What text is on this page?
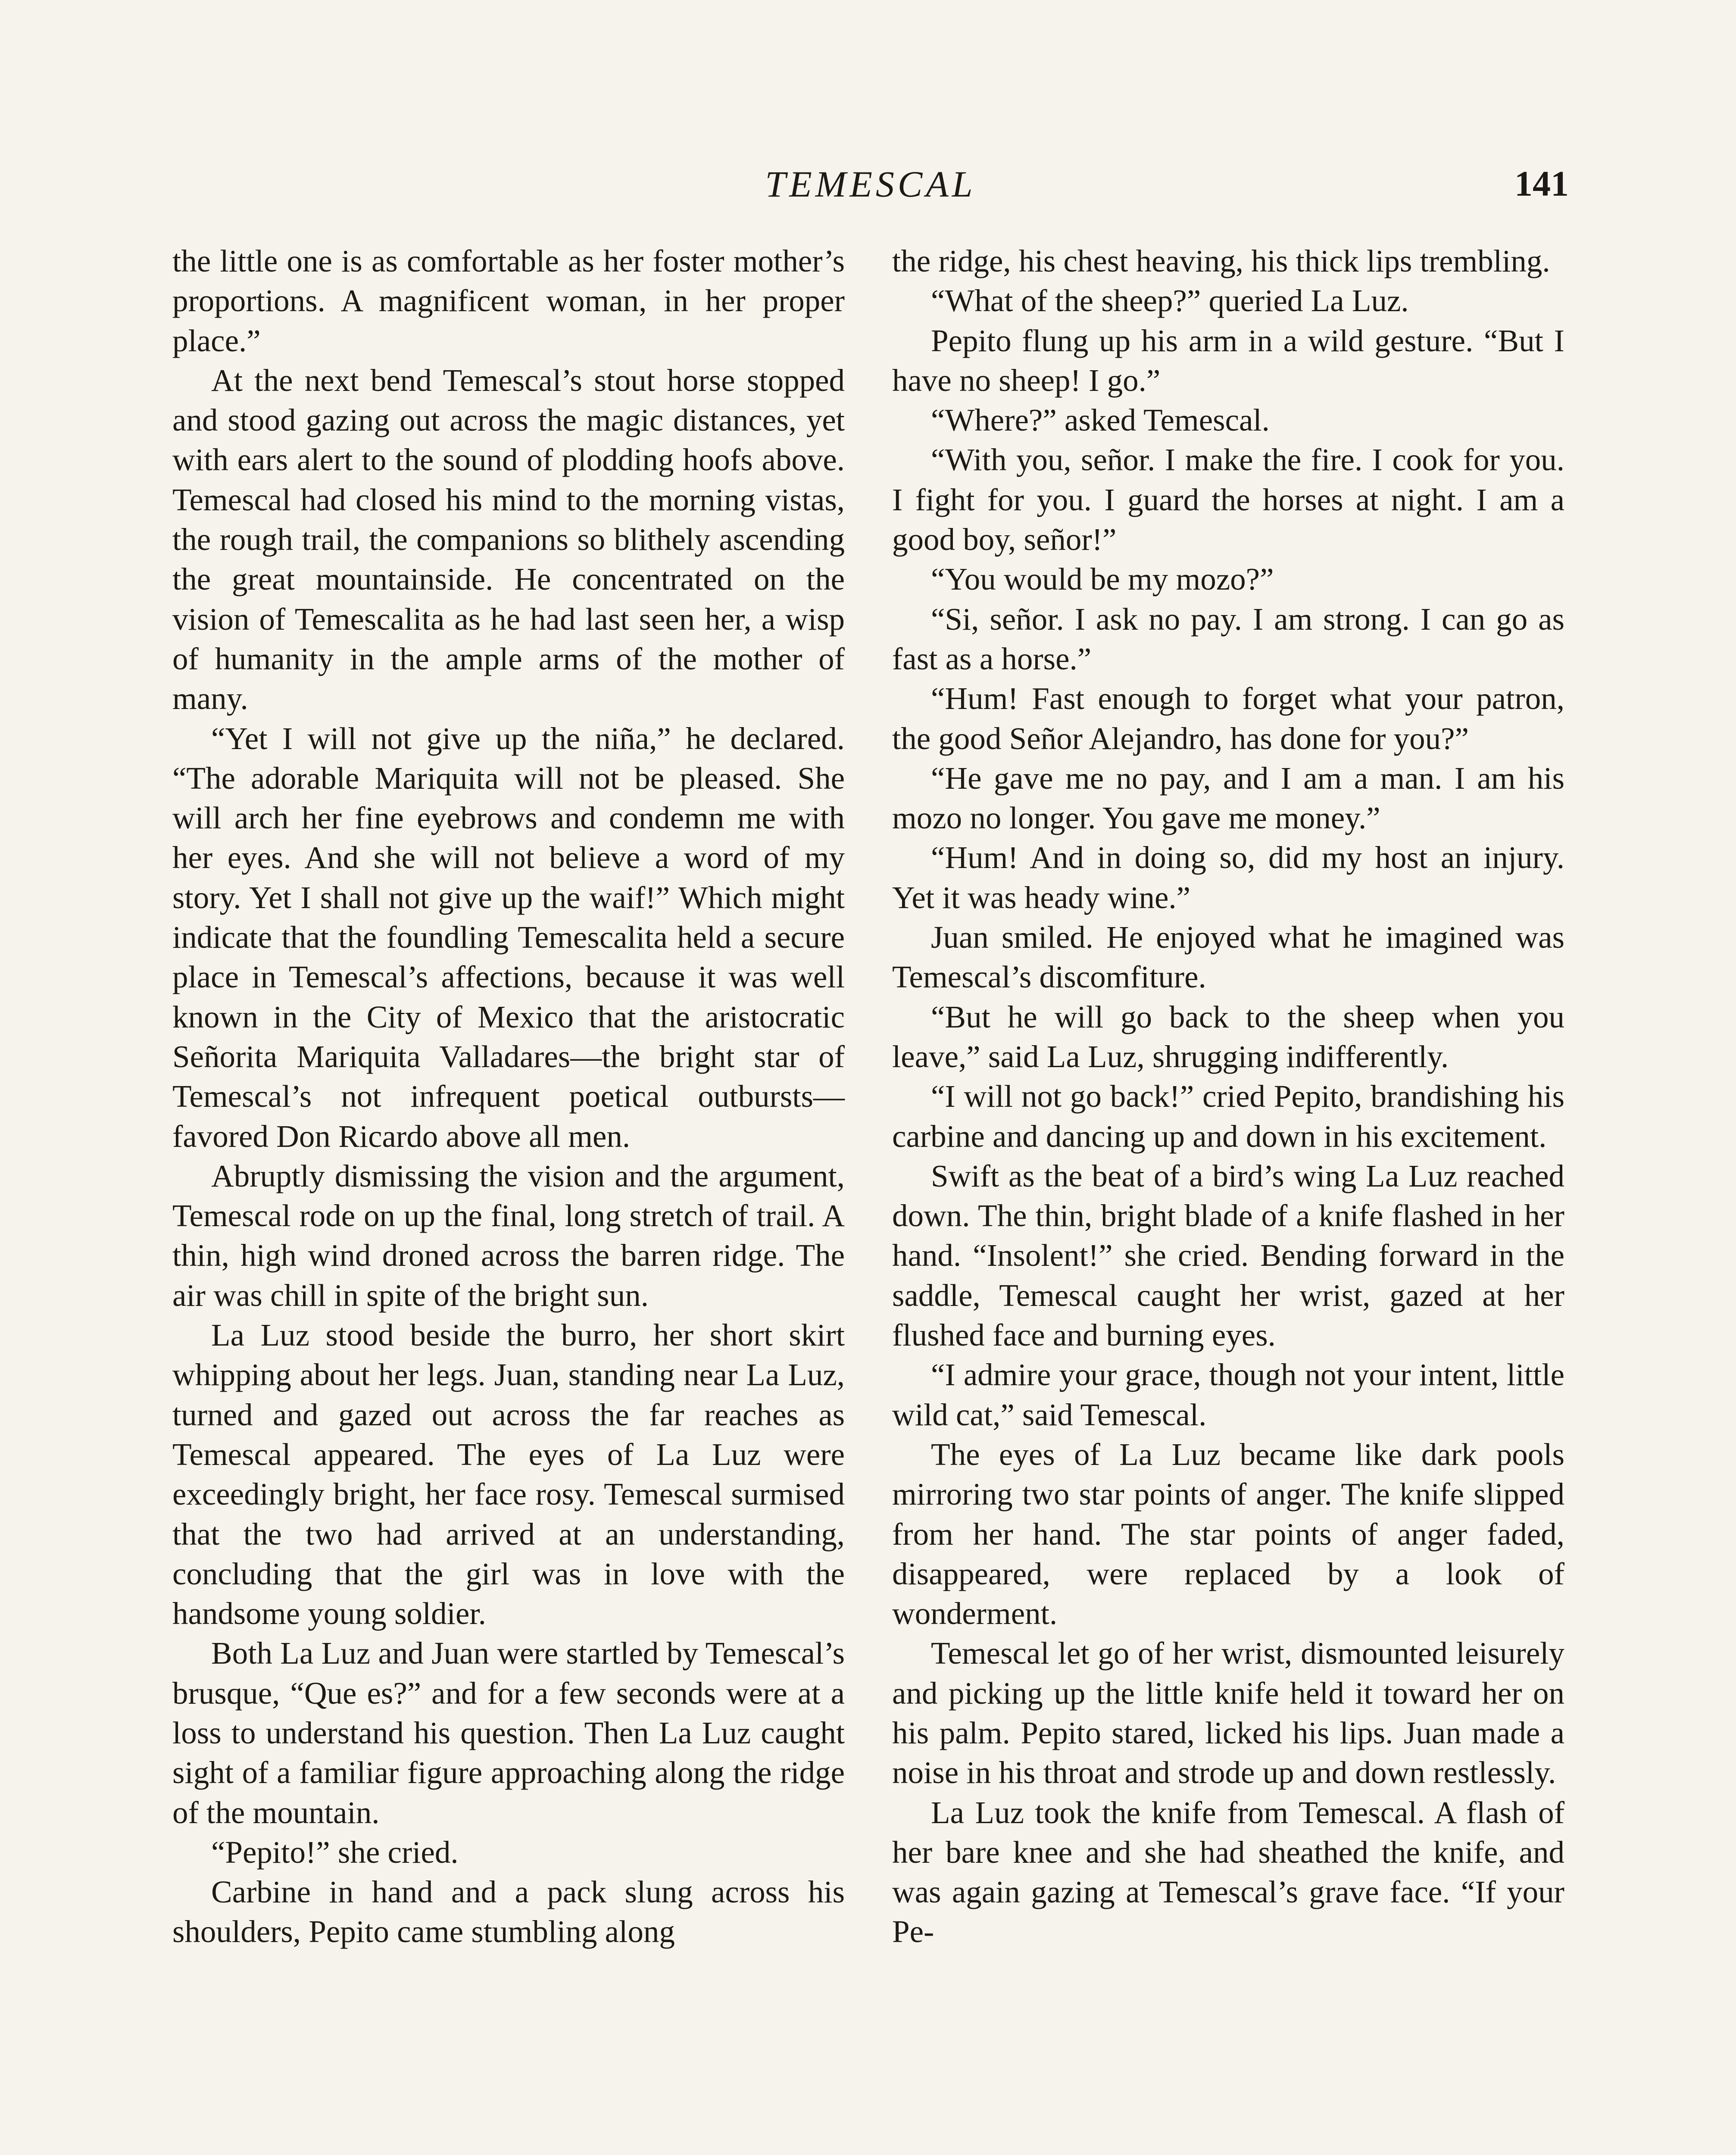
TEMESCAL	141

the little one is as comfortable as her foster mother’s proportions. A magnificent woman, in her proper place.”

At the next bend Temescal’s stout horse stopped and stood gazing out across the magic distances, yet with ears alert to the sound of plodding hoofs above. Temescal had closed his mind to the morning vistas, the rough trail, the companions so blithely ascending the great mountainside. He concentrated on the vision of Temescalita as he had last seen her, a wisp of humanity in the ample arms of the mother of many.

“Yet I will not give up the niña,” he declared. “The adorable Mariquita will not be pleased. She will arch her fine eyebrows and condemn me with her eyes. And she will not believe a word of my story. Yet I shall not give up the waif!” Which might indicate that the foundling Temescalita held a secure place in Temescal’s affections, because it was well known in the City of Mexico that the aristocratic Señorita Mariquita Valladares—the bright star of Temescal’s not infrequent poetical outbursts—favored Don Ricardo above all men.

Abruptly dismissing the vision and the argument, Temescal rode on up the final, long stretch of trail. A thin, high wind droned across the barren ridge. The air was chill in spite of the bright sun.

La Luz stood beside the burro, her short skirt whipping about her legs. Juan, standing near La Luz, turned and gazed out across the far reaches as Temescal appeared. The eyes of La Luz were exceedingly bright, her face rosy. Temescal surmised that the two had arrived at an understanding, concluding that the girl was in love with the handsome young soldier.

Both La Luz and Juan were startled by Temescal’s brusque, “Que es?” and for a few seconds were at a loss to understand his question. Then La Luz caught sight of a familiar figure approaching along the ridge of the mountain.

“Pepito!” she cried.

Carbine in hand and a pack slung across his shoulders, Pepito came stumbling along

the ridge, his chest heaving, his thick lips trembling.

“What of the sheep?” queried La Luz.

Pepito flung up his arm in a wild gesture. “But I have no sheep! I go.”

“Where?” asked Temescal.

“With you, señor. I make the fire. I cook for you. I fight for you. I guard the horses at night. I am a good boy, señor!”

“You would be my mozo?”

“Si, señor. I ask no pay. I am strong. I can go as fast as a horse.”

“Hum! Fast enough to forget what your patron, the good Señor Alejandro, has done for you?”

“He gave me no pay, and I am a man. I am his mozo no longer. You gave me money.”

“Hum! And in doing so, did my host an injury. Yet it was heady wine.”

Juan smiled. He enjoyed what he imagined was Temescal’s discomfiture.

“But he will go back to the sheep when you leave,” said La Luz, shrugging indifferently.

“I will not go back!” cried Pepito, brandishing his carbine and dancing up and down in his excitement.

Swift as the beat of a bird’s wing La Luz reached down. The thin, bright blade of a knife flashed in her hand. “Insolent!” she cried. Bending forward in the saddle, Temescal caught her wrist, gazed at her flushed face and burning eyes.

“I admire your grace, though not your intent, little wild cat,” said Temescal.

The eyes of La Luz became like dark pools mirroring two star points of anger. The knife slipped from her hand. The star points of anger faded, disappeared, were replaced by a look of wonderment.

Temescal let go of her wrist, dismounted leisurely and picking up the little knife held it toward her on his palm. Pepito stared, licked his lips. Juan made a noise in his throat and strode up and down restlessly.

La Luz took the knife from Temescal. A flash of her bare knee and she had sheathed the knife, and was again gazing at Temescal’s grave face. “If your Pe-
